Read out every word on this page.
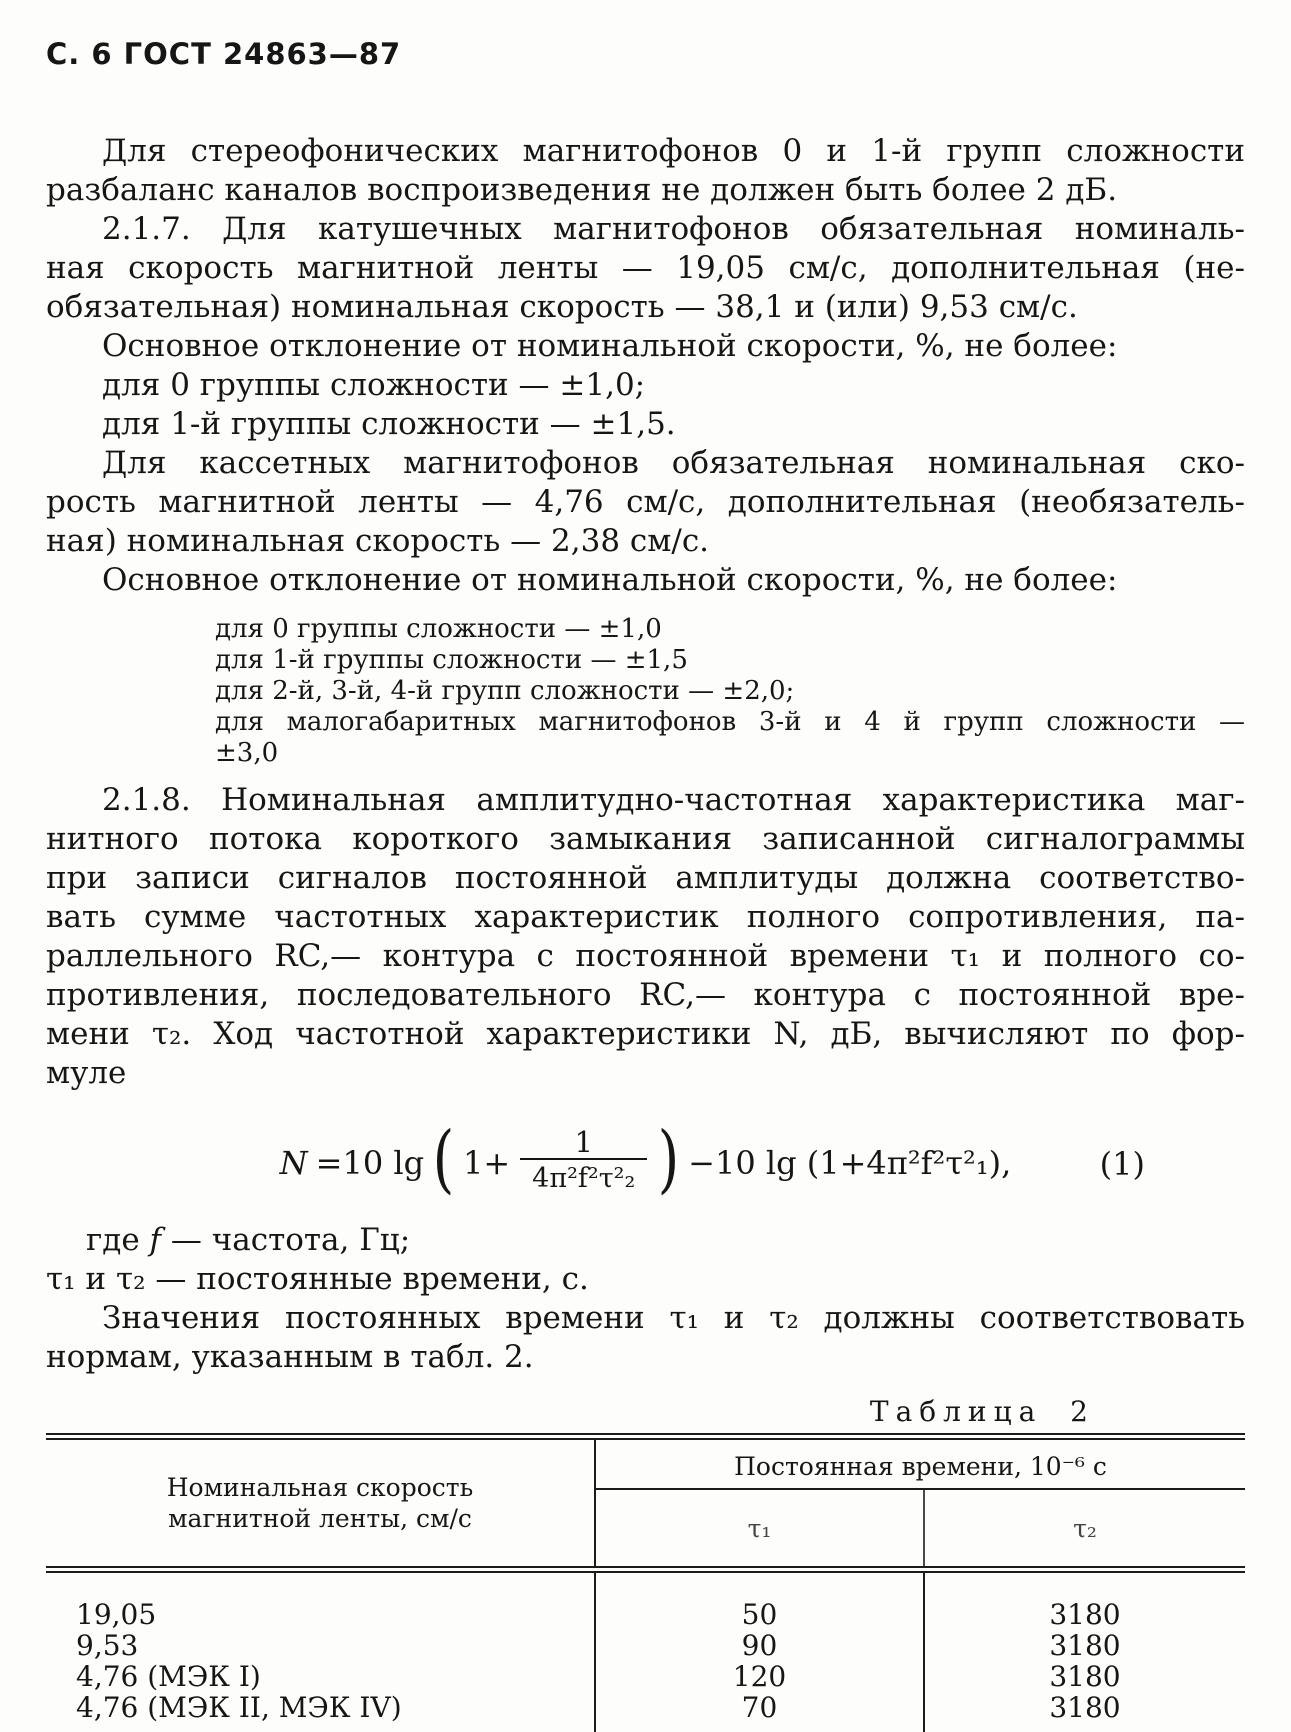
С. 6 ГОСТ 24863—87
Для стереофонических магнитофонов 0 и 1-й групп сложности
разбаланс каналов воспроизведения не должен быть более 2 дБ.
2.1.7. Для катушечных магнитофонов обязательная номиналь-
ная скорость магнитной ленты — 19,05 см/с, дополнительная (не-
обязательная) номинальная скорость — 38,1 и (или) 9,53 см/с.
Основное отклонение от номинальной скорости, %, не более:
для 0 группы сложности — ±1,0;
для 1-й группы сложности — ±1,5.
Для кассетных магнитофонов обязательная номинальная ско-
рость магнитной ленты — 4,76 см/с, дополнительная (необязатель-
ная) номинальная скорость — 2,38 см/с.
Основное отклонение от номинальной скорости, %, не более:
для 0 группы сложности — ±1,0
для 1-й группы сложности — ±1,5
для 2-й, 3-й, 4-й групп сложности — ±2,0;
для малогабаритных магнитофонов 3-й и 4 й групп сложности —
±3,0
2.1.8. Номинальная амплитудно-частотная характеристика маг-
нитного потока короткого замыкания записанной сигналограммы
при записи сигналов постоянной амплитуды должна соответство-
вать сумме частотных характеристик полного сопротивления, па-
раллельного RC,— контура с постоянной времени τ₁ и полного со-
противления, последовательного RC,— контура с постоянной вре-
мени τ₂. Ход частотной характеристики N, дБ, вычисляют по фор-
муле
N =10 lg ( $1+ \frac{1}{\text{4π²f²τ²₂}}$ ) −10 lg (1+4π²f²τ²₁),	(1)
где f — частота, Гц;
τ₁ и τ₂ — постоянные времени, с.
Значения постоянных времени τ₁ и τ₂ должны соответствовать
нормам, указанным в табл. 2.
Таблица 2
Номинальная скорость магнитной ленты, см/с
Постоянная времени, 10⁻⁶ с
τ₁	τ₂
19,05	50	3180
9,53	90	3180
4,76 (МЭК I)	120	3180
4,76 (МЭК II, МЭК IV)	70	3180
